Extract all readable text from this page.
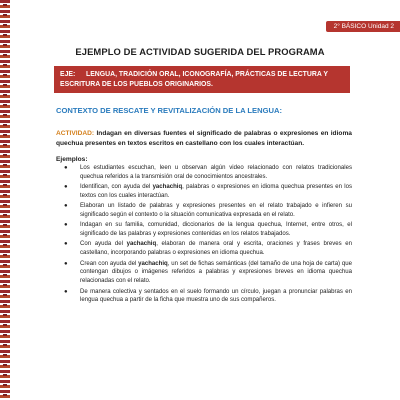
2° BÁSICO Unidad 2
EJEMPLO DE ACTIVIDAD SUGERIDA DEL PROGRAMA
EJE: LENGUA, TRADICIÓN ORAL, ICONOGRAFÍA, PRÁCTICAS DE LECTURA Y ESCRITURA DE LOS PUEBLOS ORIGINARIOS.
CONTEXTO DE RESCATE Y REVITALIZACIÓN DE LA LENGUA:
ACTIVIDAD: Indagan en diversas fuentes el significado de palabras o expresiones en idioma quechua presentes en textos escritos en castellano con los cuales interactúan.
Ejemplos:
● Los estudiantes escuchan, leen u observan algún video relacionado con relatos tradicionales quechua referidos a la transmisión oral de conocimientos ancestrales.
● Identifican, con ayuda del yachachiq, palabras o expresiones en idioma quechua presentes en los textos con los cuales interactúan.
● Elaboran un listado de palabras y expresiones presentes en el relato trabajado e infieren su significado según el contexto o la situación comunicativa expresada en el relato.
● Indagan en su familia, comunidad, diccionarios de la lengua quechua, Internet, entre otros, el significado de las palabras y expresiones contenidas en los relatos trabajados.
● Con ayuda del yachachiq, elaboran de manera oral y escrita, oraciones y frases breves en castellano, incorporando palabras o expresiones en idioma quechua.
● Crean con ayuda del yachachiq, un set de fichas semánticas (del tamaño de una hoja de carta) que contengan dibujos o imágenes referidos a palabras y expresiones breves en idioma quechua relacionadas con el relato.
● De manera colectiva y sentados en el suelo formando un círculo, juegan a pronunciar palabras en lengua quechua a partir de la ficha que muestra uno de sus compañeros.
